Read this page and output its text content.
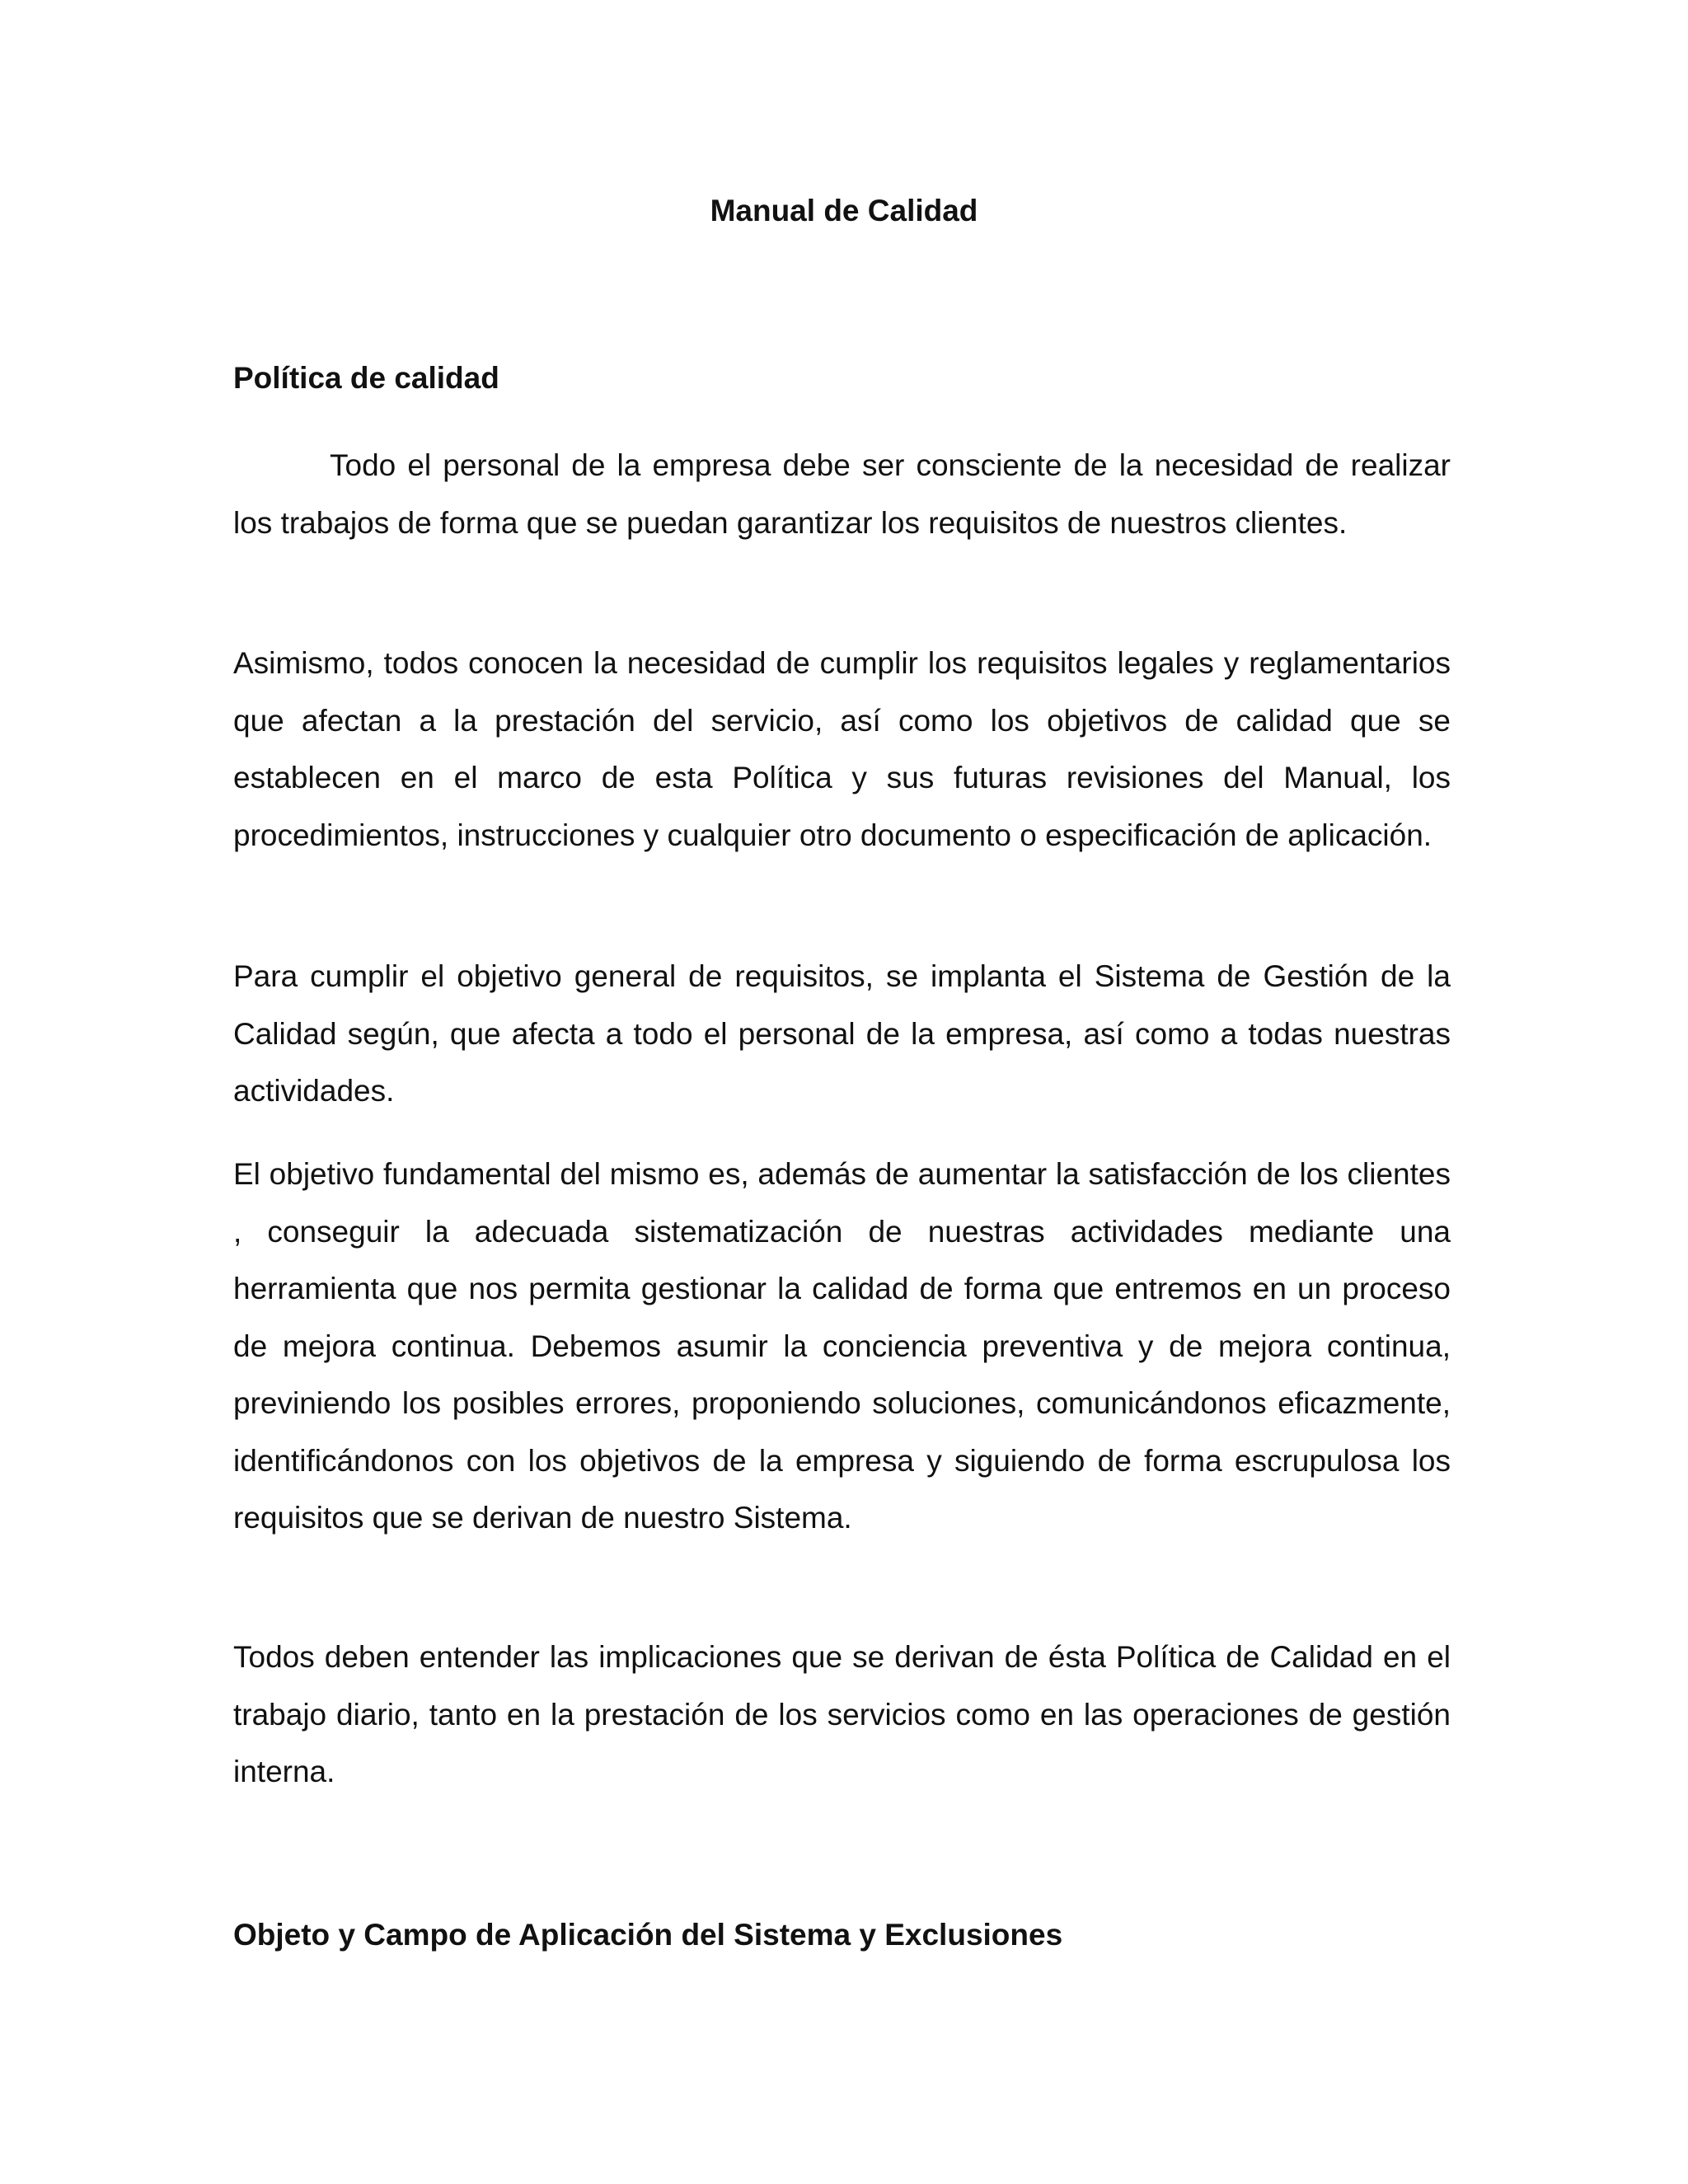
Manual de Calidad
Política de calidad

Todo el personal de la empresa debe ser consciente de la necesidad de realizar los trabajos de forma que se puedan garantizar los requisitos de nuestros clientes.

Asimismo, todos conocen la necesidad de cumplir los requisitos legales y reglamentarios que afectan a la prestación del servicio, así como los objetivos de calidad que se establecen en el marco de esta Política y sus futuras revisiones del Manual, los procedimientos, instrucciones y cualquier otro documento o especificación de aplicación.

Para cumplir el objetivo general de requisitos, se implanta el Sistema de Gestión de la Calidad según, que afecta a todo el personal de la empresa, así como a todas nuestras actividades.

El objetivo fundamental del mismo es, además de aumentar la satisfacción de los clientes , conseguir la adecuada sistematización de nuestras actividades mediante una herramienta que nos permita gestionar la calidad de forma que entremos en un proceso de mejora continua. Debemos asumir la conciencia preventiva y de mejora continua, previniendo los posibles errores, proponiendo soluciones, comunicándonos eficazmente, identificándonos con los objetivos de la empresa y siguiendo de forma escrupulosa los requisitos que se derivan de nuestro Sistema.

Todos deben entender las implicaciones que se derivan de ésta Política de Calidad en el trabajo diario, tanto en la prestación de los servicios como en las operaciones de gestión interna.

Objeto y Campo de Aplicación del Sistema y Exclusiones
